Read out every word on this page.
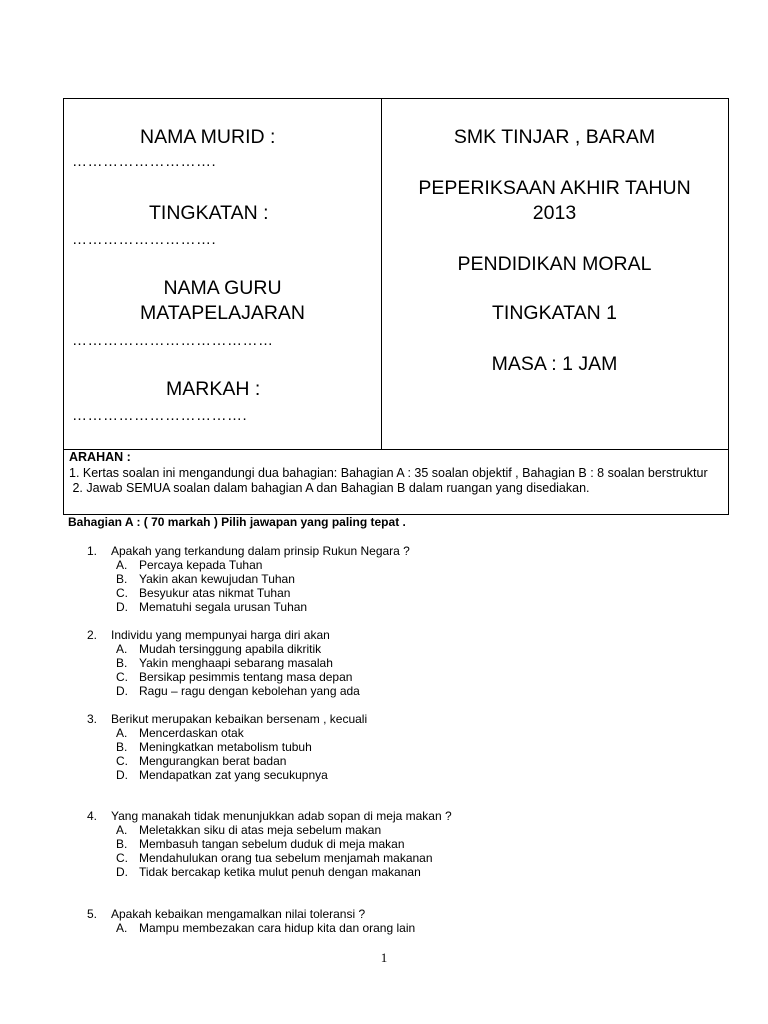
NAMA MURID :
……………………….
TINGKATAN :
……………………….
NAMA GURU
MATAPELAJARAN
…………………………………
MARKAH :
…………………………….
SMK TINJAR , BARAM
PEPERIKSAAN AKHIR TAHUN
2013
PENDIDIKAN MORAL
TINGKATAN 1
MASA : 1 JAM
ARAHAN :
1. Kertas soalan ini mengandungi dua bahagian: Bahagian A : 35 soalan objektif , Bahagian B : 8 soalan berstruktur
2. Jawab SEMUA soalan dalam bahagian A dan Bahagian B dalam ruangan yang disediakan.
Bahagian A : ( 70 markah ) Pilih jawapan yang paling tepat .
1. Apakah yang terkandung dalam prinsip Rukun Negara ?
A. Percaya kepada Tuhan
B. Yakin akan kewujudan Tuhan
C. Besyukur atas nikmat Tuhan
D. Mematuhi segala urusan Tuhan
2. Individu yang mempunyai harga diri akan
A. Mudah tersinggung apabila dikritik
B. Yakin menghaapi sebarang masalah
C. Bersikap pesimmis tentang masa depan
D. Ragu – ragu dengan kebolehan yang ada
3. Berikut merupakan kebaikan bersenam , kecuali
A. Mencerdaskan otak
B. Meningkatkan metabolism tubuh
C. Mengurangkan berat badan
D. Mendapatkan zat yang secukupnya
4. Yang manakah tidak menunjukkan adab sopan di meja makan ?
A. Meletakkan siku di atas meja sebelum makan
B. Membasuh tangan sebelum duduk di meja makan
C. Mendahulukan orang tua sebelum menjamah makanan
D. Tidak bercakap ketika mulut penuh dengan makanan
5. Apakah kebaikan mengamalkan nilai toleransi ?
A. Mampu membezakan cara hidup kita dan orang lain
1
